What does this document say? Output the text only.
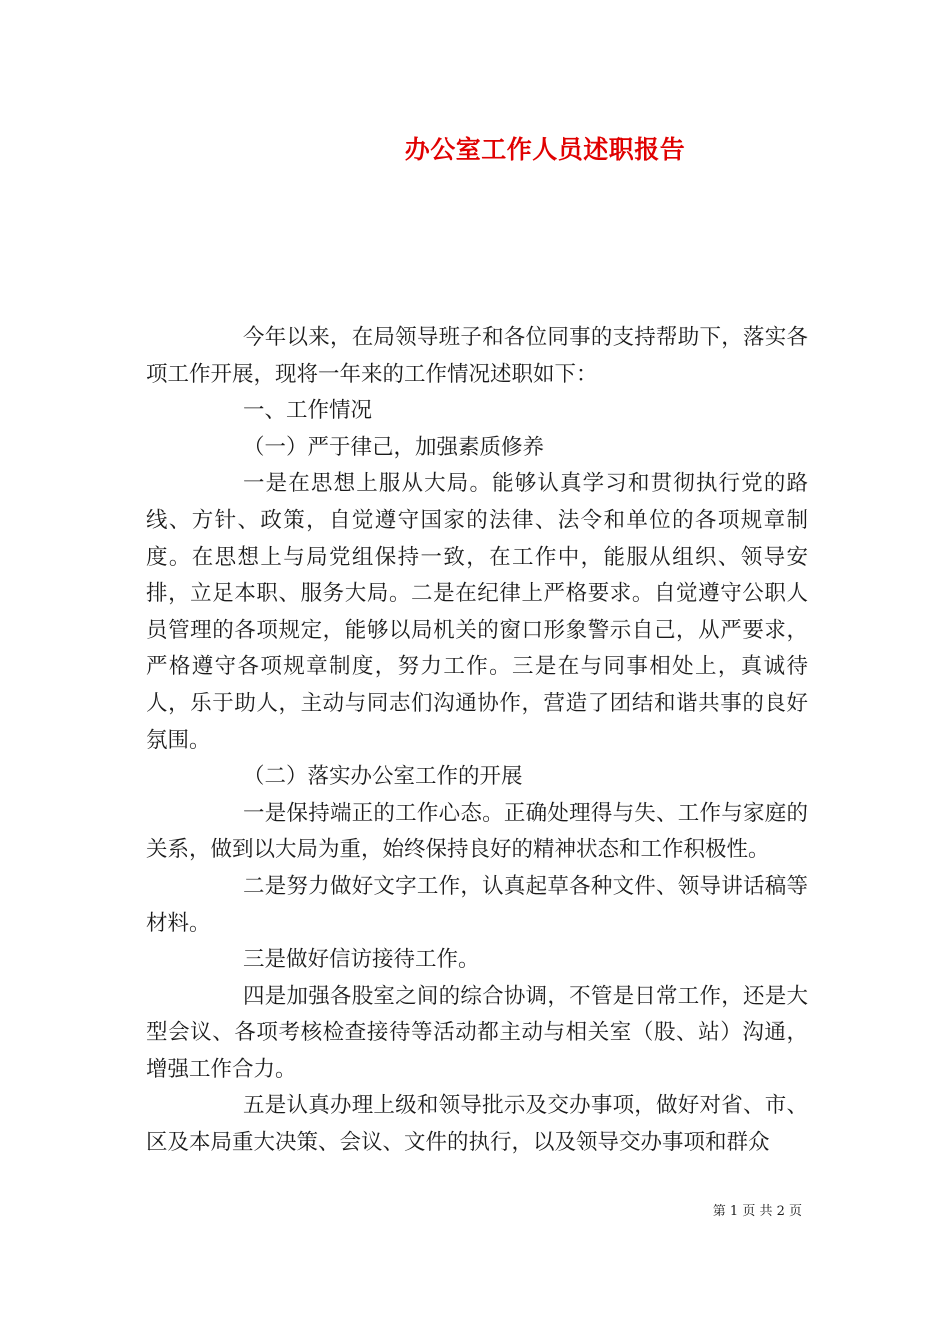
办公室工作人员述职报告

今年以来，在局领导班子和各位同事的支持帮助下，落实各项工作开展，现将一年来的工作情况述职如下：

一、工作情况

（一）严于律己，加强素质修养

一是在思想上服从大局。能够认真学习和贯彻执行党的路线、方针、政策，自觉遵守国家的法律、法令和单位的各项规章制度。在思想上与局党组保持一致，在工作中，能服从组织、领导安排，立足本职、服务大局。二是在纪律上严格要求。自觉遵守公职人员管理的各项规定，能够以局机关的窗口形象警示自己，从严要求，严格遵守各项规章制度，努力工作。三是在与同事相处上，真诚待人，乐于助人，主动与同志们沟通协作，营造了团结和谐共事的良好氛围。

（二）落实办公室工作的开展

一是保持端正的工作心态。正确处理得与失、工作与家庭的关系，做到以大局为重，始终保持良好的精神状态和工作积极性。

二是努力做好文字工作，认真起草各种文件、领导讲话稿等材料。

三是做好信访接待工作。

四是加强各股室之间的综合协调，不管是日常工作，还是大型会议、各项考核检查接待等活动都主动与相关室（股、站）沟通，增强工作合力。

五是认真办理上级和领导批示及交办事项，做好对省、市、区及本局重大决策、会议、文件的执行，以及领导交办事项和群众

第 1 页 共 2 页
